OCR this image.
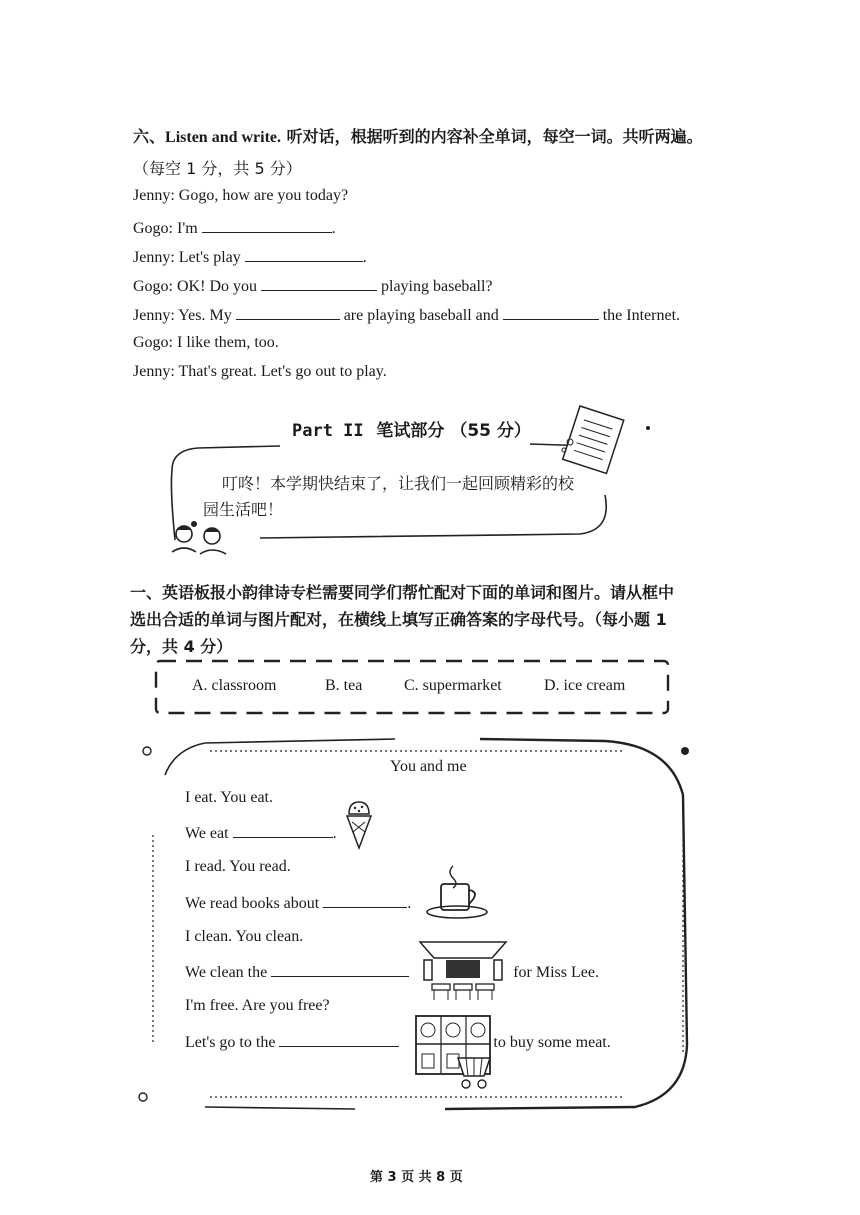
六、Listen and write. 听对话，根据听到的内容补全单词，每空一词。共听两遍。
（每空 1 分，共 5 分）
Jenny: Gogo, how are you today?
Gogo: I'm	.
Jenny: Let's play	.
Gogo: OK! Do you	playing baseball?
Jenny: Yes. My	are playing baseball and	the Internet.
Gogo: I like them, too.
Jenny: That's great. Let's go out to play.
Part II 笔试部分 （55 分）
叮咚！本学期快结束了，让我们一起回顾精彩的校
园生活吧！
一、英语板报小韵律诗专栏需要同学们帮忙配对下面的单词和图片。请从框中
选出合适的单词与图片配对，在横线上填写正确答案的字母代号。（每小题 1
分，共 4 分）
A. classroom	B. tea	C. supermarket	D. ice cream
You and me
I eat. You eat.
We eat	.
I read. You read.
We read books about	.
I clean. You clean.
We clean the	for Miss Lee.
I'm free. Are you free?
Let's go to the	to buy some meat.
第 3 页 共 8 页
